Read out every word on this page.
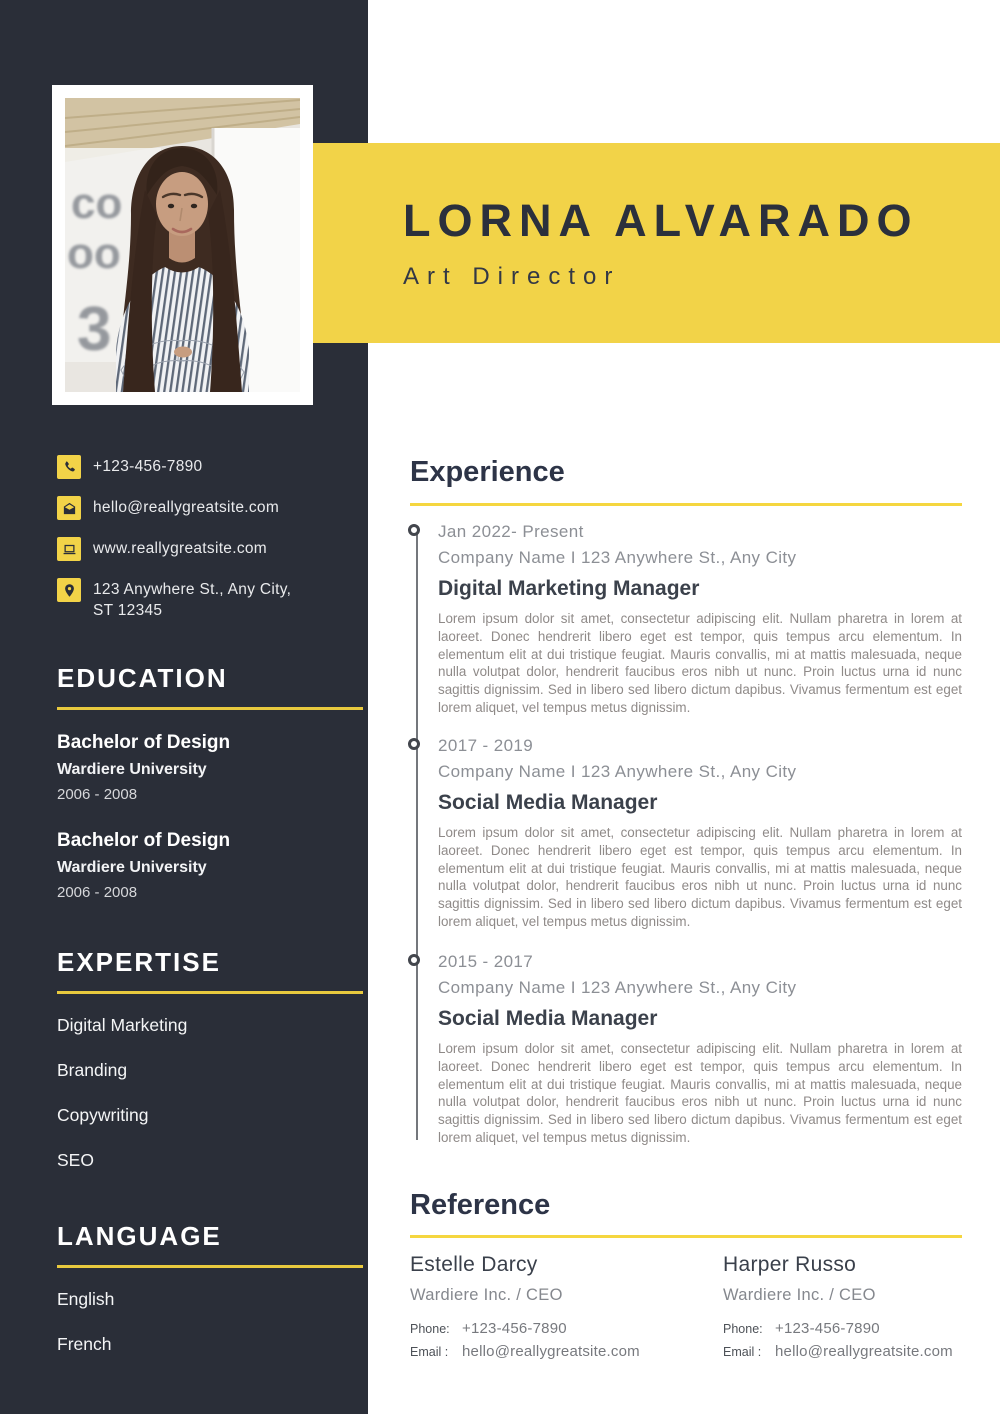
co
oo
3
LORNA ALVARADO
Art Director
+123-456-7890
hello@reallygreatsite.com
www.reallygreatsite.com
123 Anywhere St., Any City,
ST 12345
EDUCATION
Bachelor of Design
Wardiere University
2006 - 2008
Bachelor of Design
Wardiere University
2006 - 2008
EXPERTISE
Digital Marketing
Branding
Copywriting
SEO
LANGUAGE
English
French
Experience
Jan 2022- Present
Company Name I 123 Anywhere St., Any City
Digital Marketing Manager
Lorem ipsum dolor sit amet, consectetur adipiscing elit. Nullam pharetra in lorem at laoreet. Donec hendrerit libero eget est tempor, quis tempus arcu elementum. In elementum elit at dui tristique feugiat. Mauris convallis, mi at mattis malesuada, neque nulla volutpat dolor, hendrerit faucibus eros nibh ut nunc. Proin luctus urna id nunc sagittis dignissim. Sed in libero sed libero dictum dapibus. Vivamus fermentum est eget lorem aliquet, vel tempus metus dignissim.
2017 - 2019
Company Name I 123 Anywhere St., Any City
Social Media Manager
Lorem ipsum dolor sit amet, consectetur adipiscing elit. Nullam pharetra in lorem at laoreet. Donec hendrerit libero eget est tempor, quis tempus arcu elementum. In elementum elit at dui tristique feugiat. Mauris convallis, mi at mattis malesuada, neque nulla volutpat dolor, hendrerit faucibus eros nibh ut nunc. Proin luctus urna id nunc sagittis dignissim. Sed in libero sed libero dictum dapibus. Vivamus fermentum est eget lorem aliquet, vel tempus metus dignissim.
2015 - 2017
Company Name I 123 Anywhere St., Any City
Social Media Manager
Lorem ipsum dolor sit amet, consectetur adipiscing elit. Nullam pharetra in lorem at laoreet. Donec hendrerit libero eget est tempor, quis tempus arcu elementum. In elementum elit at dui tristique feugiat. Mauris convallis, mi at mattis malesuada, neque nulla volutpat dolor, hendrerit faucibus eros nibh ut nunc. Proin luctus urna id nunc sagittis dignissim. Sed in libero sed libero dictum dapibus. Vivamus fermentum est eget lorem aliquet, vel tempus metus dignissim.
Reference
Estelle Darcy
Wardiere Inc. / CEO
Phone: +123-456-7890
Email : hello@reallygreatsite.com
Harper Russo
Wardiere Inc. / CEO
Phone: +123-456-7890
Email : hello@reallygreatsite.com
